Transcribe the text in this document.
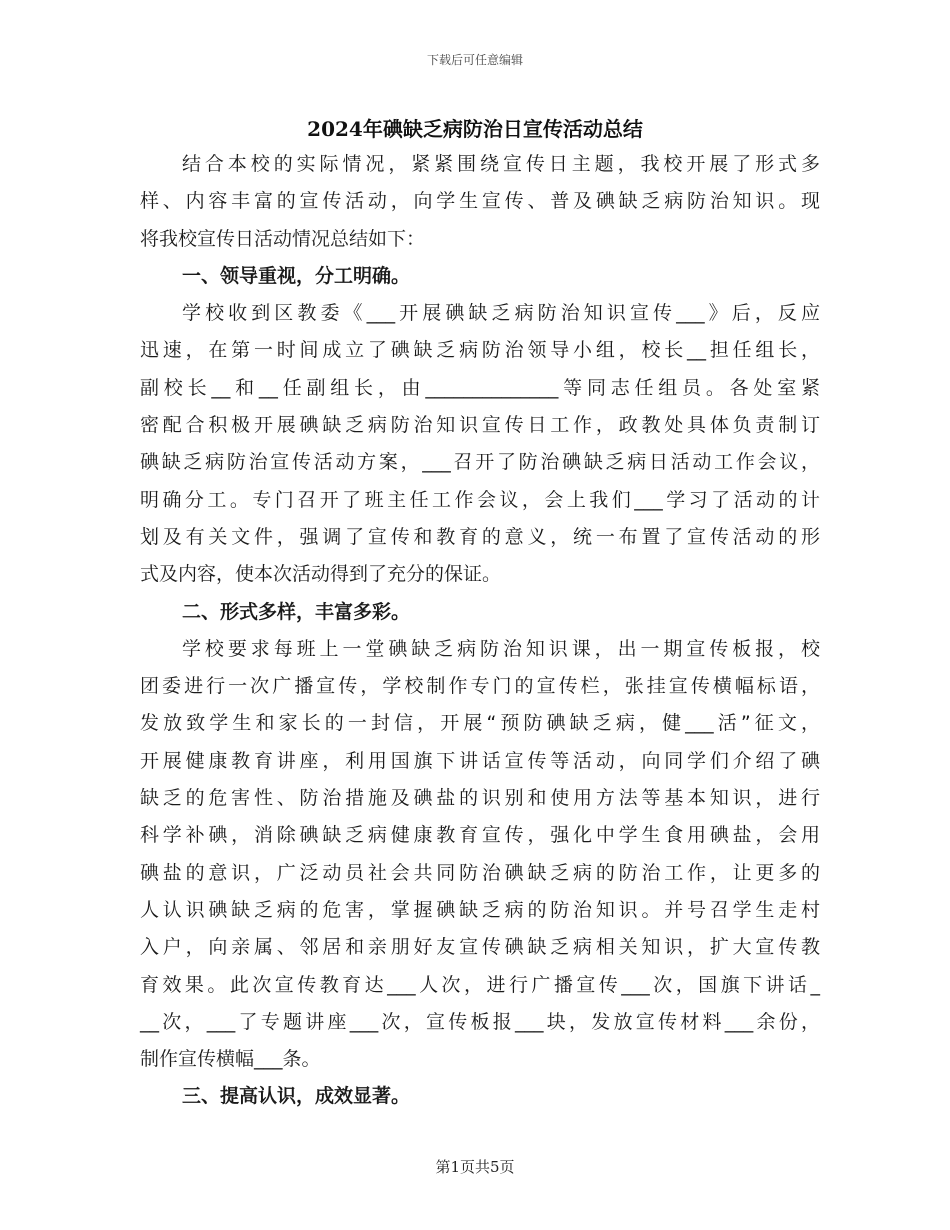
下载后可任意编辑
2024年碘缺乏病防治日宣传活动总结
结合本校的实际情况，紧紧围绕宣传日主题，我校开展了形式多
样、内容丰富的宣传活动，向学生宣传、普及碘缺乏病防治知识。现
将我校宣传日活动情况总结如下：
一、领导重视，分工明确。
学校收到区教委《___开展碘缺乏病防治知识宣传___》后，反应
迅速，在第一时间成立了碘缺乏病防治领导小组，校长__担任组长，
副校长__和__任副组长，由______________等同志任组员。各处室紧
密配合积极开展碘缺乏病防治知识宣传日工作，政教处具体负责制订
碘缺乏病防治宣传活动方案，___召开了防治碘缺乏病日活动工作会议，
明确分工。专门召开了班主任工作会议，会上我们___学习了活动的计
划及有关文件，强调了宣传和教育的意义，统一布置了宣传活动的形
式及内容，使本次活动得到了充分的保证。
二、形式多样，丰富多彩。
学校要求每班上一堂碘缺乏病防治知识课，出一期宣传板报，校
团委进行一次广播宣传，学校制作专门的宣传栏，张挂宣传横幅标语，
发放致学生和家长的一封信，开展“预防碘缺乏病，健___活”征文，
开展健康教育讲座，利用国旗下讲话宣传等活动，向同学们介绍了碘
缺乏的危害性、防治措施及碘盐的识别和使用方法等基本知识，进行
科学补碘，消除碘缺乏病健康教育宣传，强化中学生食用碘盐，会用
碘盐的意识，广泛动员社会共同防治碘缺乏病的防治工作，让更多的
人认识碘缺乏病的危害，掌握碘缺乏病的防治知识。并号召学生走村
入户，向亲属、邻居和亲朋好友宣传碘缺乏病相关知识，扩大宣传教
育效果。此次宣传教育达___人次，进行广播宣传___次，国旗下讲话_
__次，___了专题讲座___次，宣传板报___块，发放宣传材料___余份，
制作宣传横幅___条。
三、提高认识，成效显著。
第1页共5页
